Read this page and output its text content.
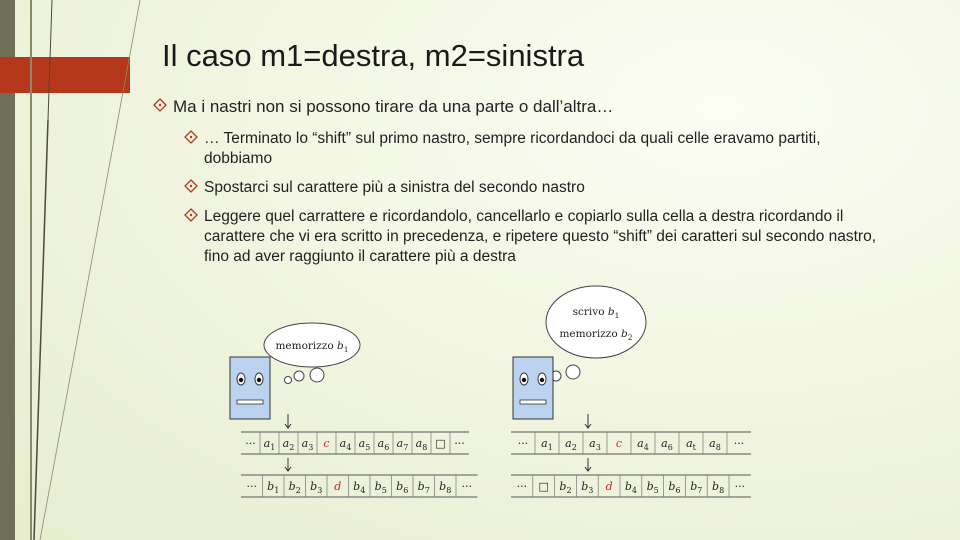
Il caso m1=destra, m2=sinistra
Ma i nastri non si possono tirare da una parte o dall’altra…
… Terminato lo “shift” sul primo nastro, sempre ricordandoci da quali celle eravamo partiti, dobbiamo
Spostarci sul carattere più a sinistra del secondo nastro
Leggere quel carrattere e ricordandolo, cancellarlo e copiarlo sulla cella a destra ricordando il carattere che vi era scritto in precedenza, e ripetere questo “shift” dei caratteri sul secondo nastro, fino ad aver raggiunto il carattere più a destra
memorizzo $b_1$
··· $a_1$ $a_2$ $a_3$ c $a_4$ $a_5$ $a_6$ $a_7$ $a_8$ □ ···
··· $b_1$ $b_2$ $b_3$ d $b_4$ $b_5$ $b_6$ $b_7$ $b_8$ ···
scrivo $b_1$
memorizzo $b_2$
··· $a_1$ $a_2$ $a_3$ c $a_4$ $a_6$ $a_t$ $a_8$ ···
··· □ $b_2$ $b_3$ d $b_4$ $b_5$ $b_6$ $b_7$ $b_8$ ···
